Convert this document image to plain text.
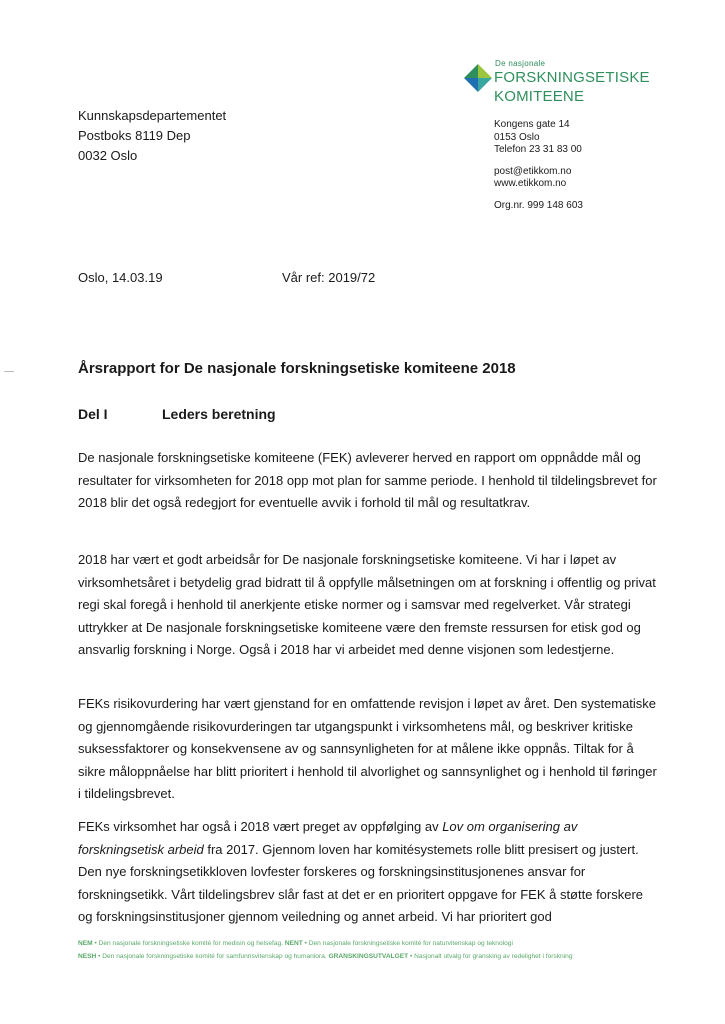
De nasjonale
FORSKNINGSETISKE
KOMITEENE
Kunnskapsdepartementet
Postboks 8119 Dep
0032 Oslo
Kongens gate 14
0153 Oslo
Telefon 23 31 83 00
post@etikkom.no
www.etikkom.no
Org.nr. 999 148 603
Oslo, 14.03.19	Vår ref: 2019/72
Årsrapport for De nasjonale forskningsetiske komiteene 2018
Del I	Leders beretning

De nasjonale forskningsetiske komiteene (FEK) avleverer herved en rapport om oppnådde mål og resultater for virksomheten for 2018 opp mot plan for samme periode. I henhold til tildelingsbrevet for 2018 blir det også redegjort for eventuelle avvik i forhold til mål og resultatkrav.

2018 har vært et godt arbeidsår for De nasjonale forskningsetiske komiteene. Vi har i løpet av virksomhetsåret i betydelig grad bidratt til å oppfylle målsetningen om at forskning i offentlig og privat regi skal foregå i henhold til anerkjente etiske normer og i samsvar med regelverket. Vår strategi uttrykker at De nasjonale forskningsetiske komiteene være den fremste ressursen for etisk god og ansvarlig forskning i Norge. Også i 2018 har vi arbeidet med denne visjonen som ledestjerne.

FEKs risikovurdering har vært gjenstand for en omfattende revisjon i løpet av året. Den systematiske og gjennomgående risikovurderingen tar utgangspunkt i virksomhetens mål, og beskriver kritiske suksessfaktorer og konsekvensene av og sannsynligheten for at målene ikke oppnås. Tiltak for å sikre måloppnåelse har blitt prioritert i henhold til alvorlighet og sannsynlighet og i henhold til føringer i tildelingsbrevet.

FEKs virksomhet har også i 2018 vært preget av oppfølging av Lov om organisering av forskningsetisk arbeid fra 2017. Gjennom loven har komitésystemets rolle blitt presisert og justert. Den nye forskningsetikkloven lovfester forskeres og forskningsinstitusjonenes ansvar for forskningsetikk. Vårt tildelingsbrev slår fast at det er en prioritert oppgave for FEK å støtte forskere og forskningsinstitusjoner gjennom veiledning og annet arbeid. Vi har prioritert god

NEM • Den nasjonale forskningsetiske komité for medisin og helsefag. NENT • Den nasjonale forskningsetiske komité for naturvitenskap og teknologi
NESH • Den nasjonale forskningsetiske komité for samfunnsvitenskap og humaniora. GRANSKINGSUTVALGET • Nasjonalt utvalg for gransking av redelighet i forskning
